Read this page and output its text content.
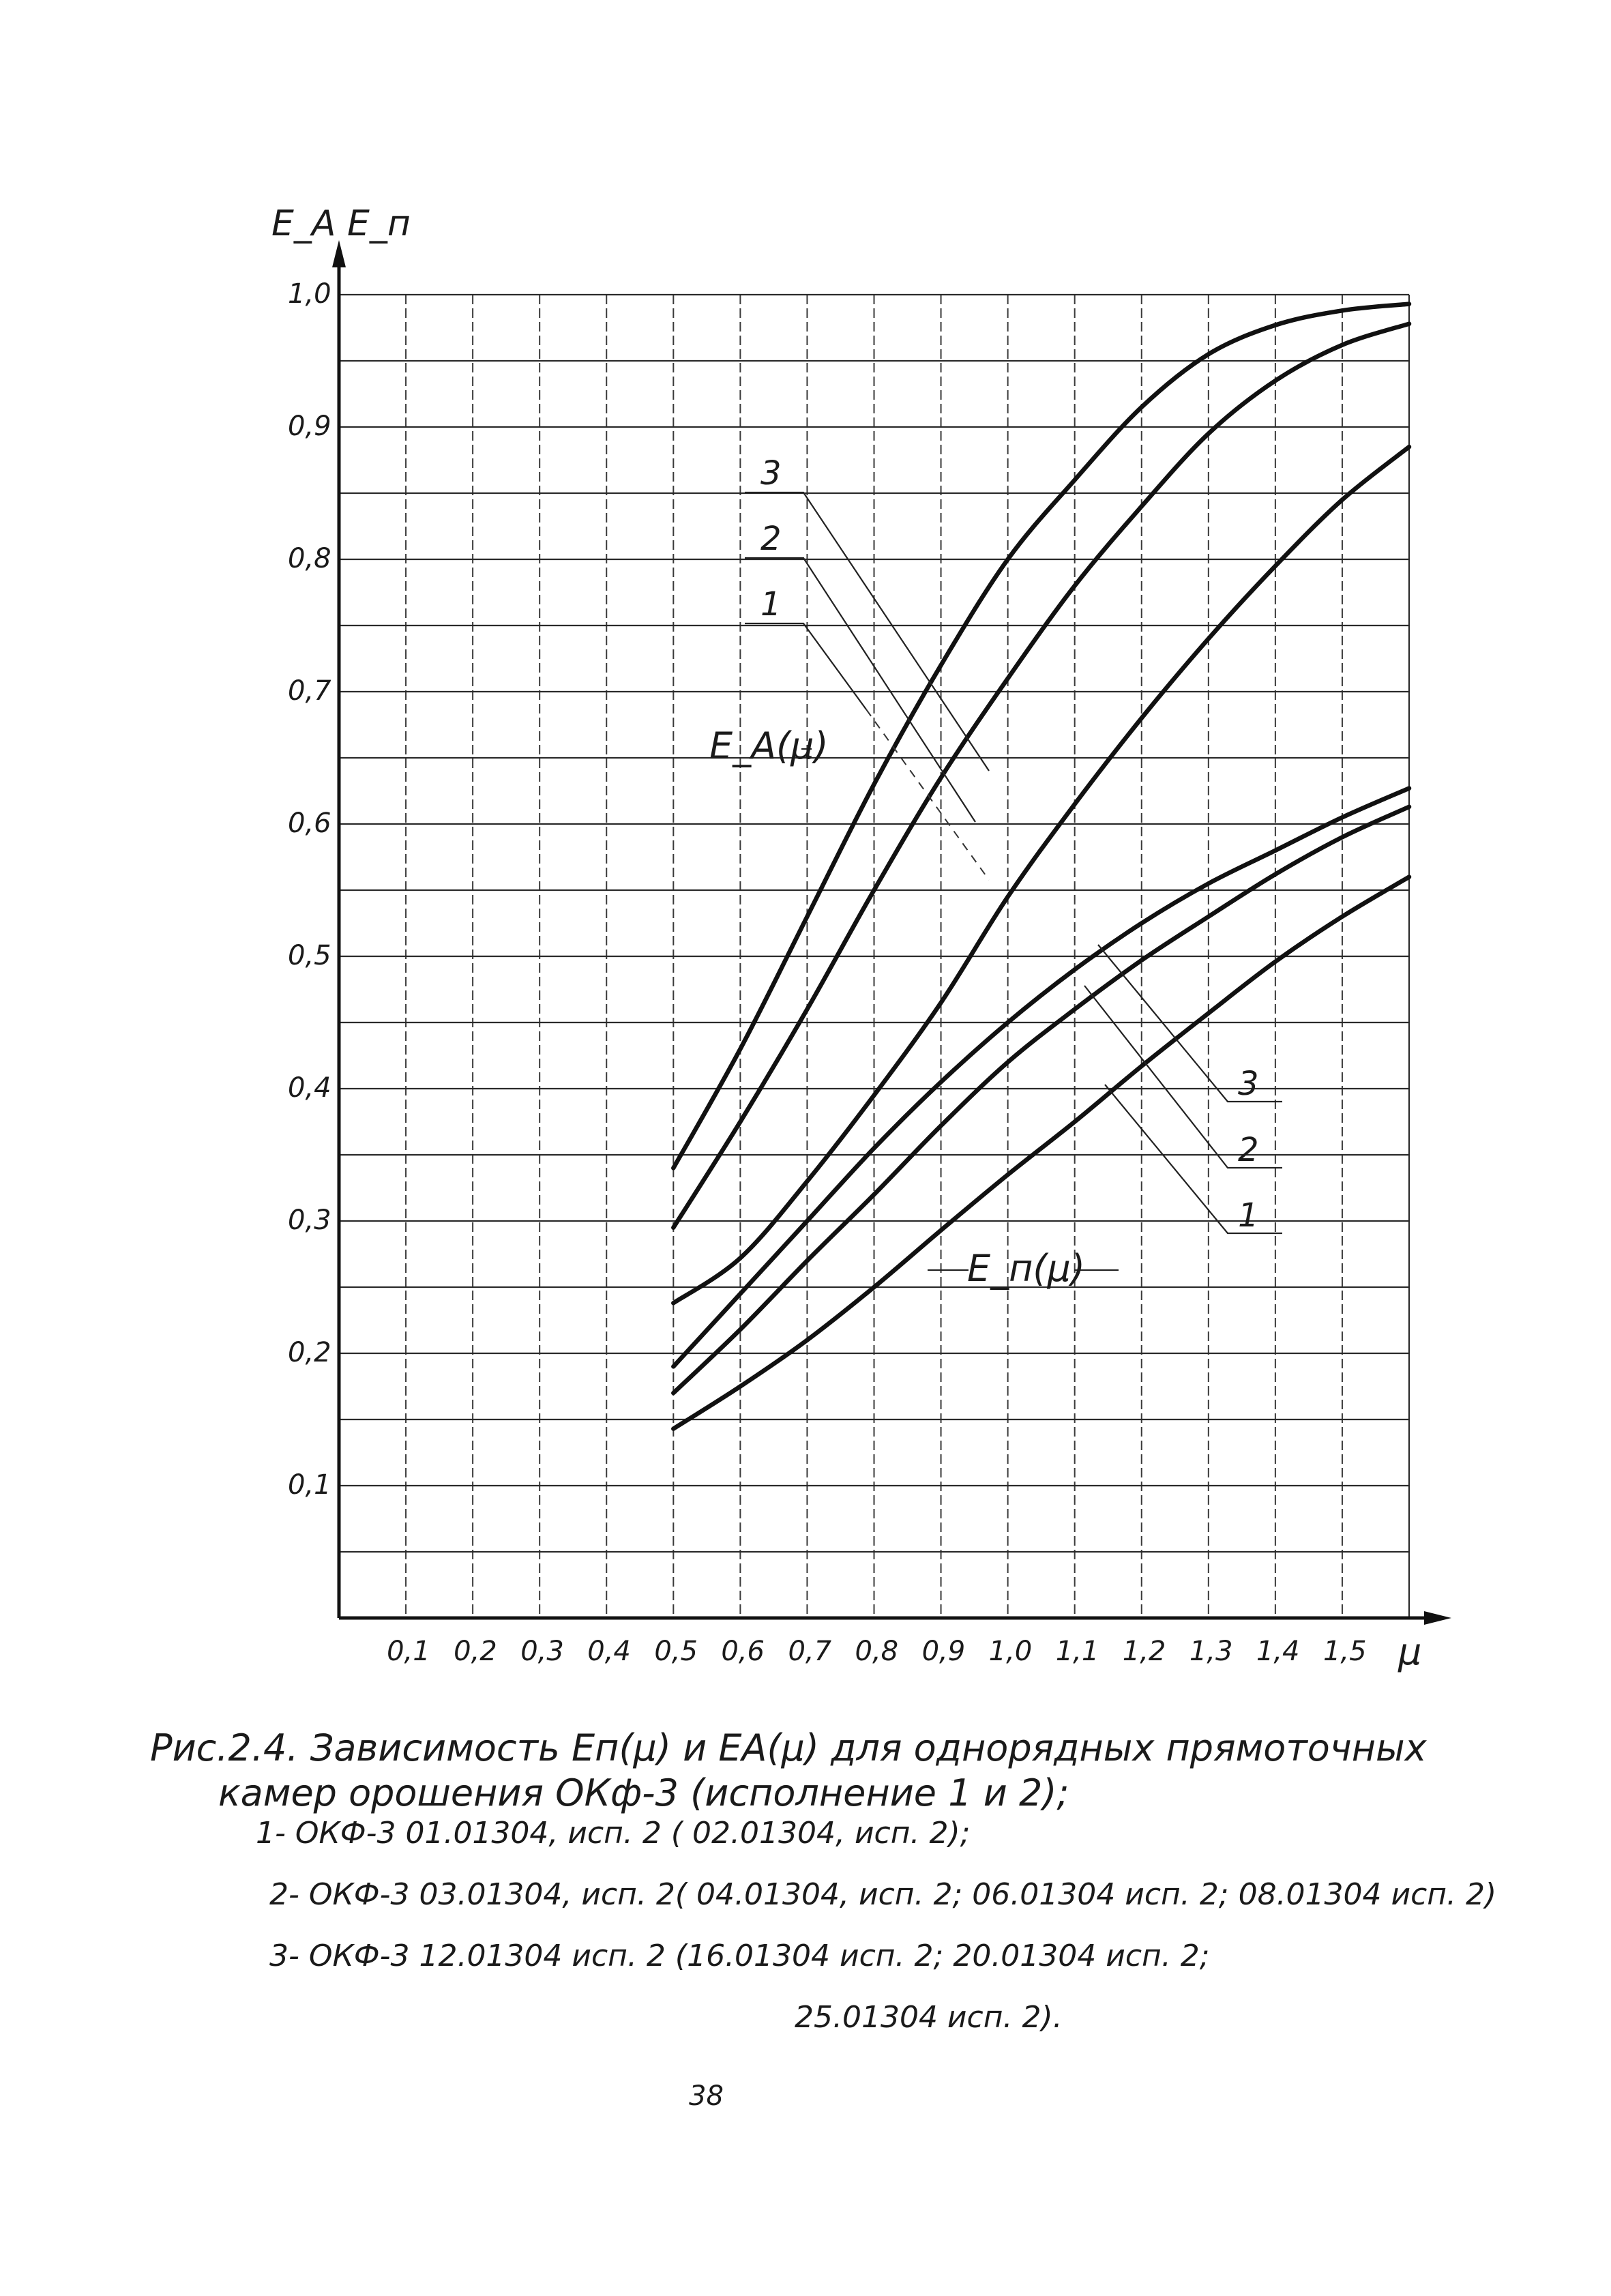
E_A E_п
μ
0,1
0,2
0,3
0,4
0,5
0,6
0,7
0,8
0,9
1,0
0,1 0,2 0,3 0,4 0,5 0,6 0,7 0,8 0,9 1,0 1,1 1,2 1,3 1,4 1,5
3
2
1
E_A(μ)
3
2
1
E_п(μ)
Рис.2.4. Зависимость Eп(μ) и EA(μ) для однорядных прямоточных
камер орошения ОКф-3 (исполнение 1 и 2);
1- ОКФ-3 01.01304, исп. 2 ( 02.01304, исп. 2);
2- ОКФ-3 03.01304, исп. 2( 04.01304, исп. 2; 06.01304 исп. 2; 08.01304 исп. 2)
3- ОКФ-3 12.01304 исп. 2 (16.01304 исп. 2; 20.01304 исп. 2;
25.01304 исп. 2).
38
